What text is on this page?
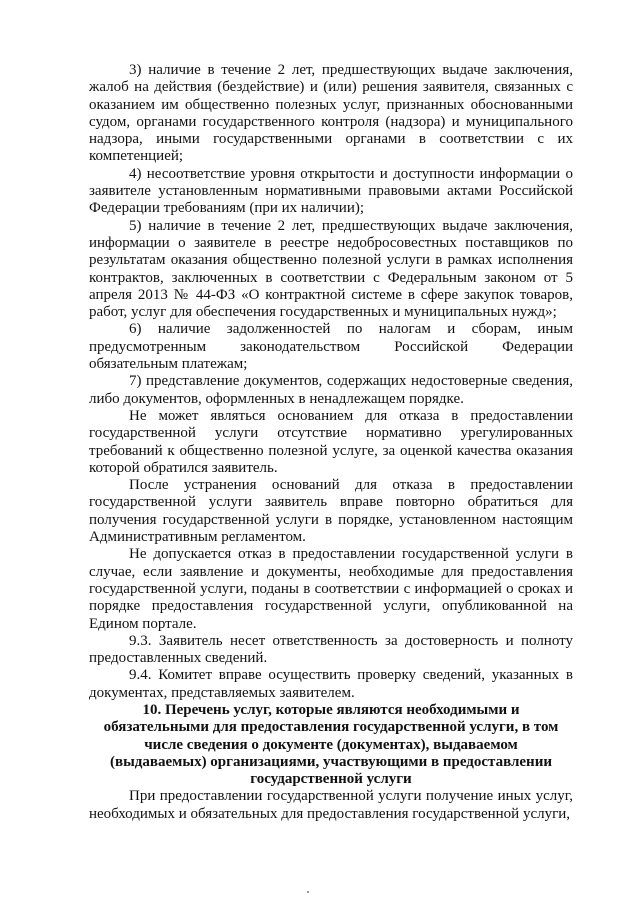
3) наличие в течение 2 лет, предшествующих выдаче заключения, жалоб на действия (бездействие) и (или) решения заявителя, связанных с оказанием им общественно полезных услуг, признанных обоснованными судом, органами государственного контроля (надзора) и муниципального надзора, иными государственными органами в соответствии с их компетенцией;

4) несоответствие уровня открытости и доступности информации о заявителе установленным нормативными правовыми актами Российской Федерации требованиям (при их наличии);

5) наличие в течение 2 лет, предшествующих выдаче заключения, информации о заявителе в реестре недобросовестных поставщиков по результатам оказания общественно полезной услуги в рамках исполнения контрактов, заключенных в соответствии с Федеральным законом от 5 апреля 2013 № 44-ФЗ «О контрактной системе в сфере закупок товаров, работ, услуг для обеспечения государственных и муниципальных нужд»;

6) наличие задолженностей по налогам и сборам, иным предусмотренным законодательством Российской Федерации обязательным платежам;

7) представление документов, содержащих недостоверные сведения, либо документов, оформленных в ненадлежащем порядке.

Не может являться основанием для отказа в предоставлении государственной услуги отсутствие нормативно урегулированных требований к общественно полезной услуге, за оценкой качества оказания которой обратился заявитель.

После устранения оснований для отказа в предоставлении государственной услуги заявитель вправе повторно обратиться для получения государственной услуги в порядке, установленном настоящим Административным регламентом.

Не допускается отказ в предоставлении государственной услуги в случае, если заявление и документы, необходимые для предоставления государственной услуги, поданы в соответствии с информацией о сроках и порядке предоставления государственной услуги, опубликованной на Едином портале.

9.3. Заявитель несет ответственность за достоверность и полноту предоставленных сведений.

9.4. Комитет вправе осуществить проверку сведений, указанных в документах, представляемых заявителем.

10. Перечень услуг, которые являются необходимыми и обязательными для предоставления государственной услуги, в том числе сведения о документе (документах), выдаваемом (выдаваемых) организациями, участвующими в предоставлении государственной услуги

При предоставлении государственной услуги получение иных услуг, необходимых и обязательных для предоставления государственной услуги,
